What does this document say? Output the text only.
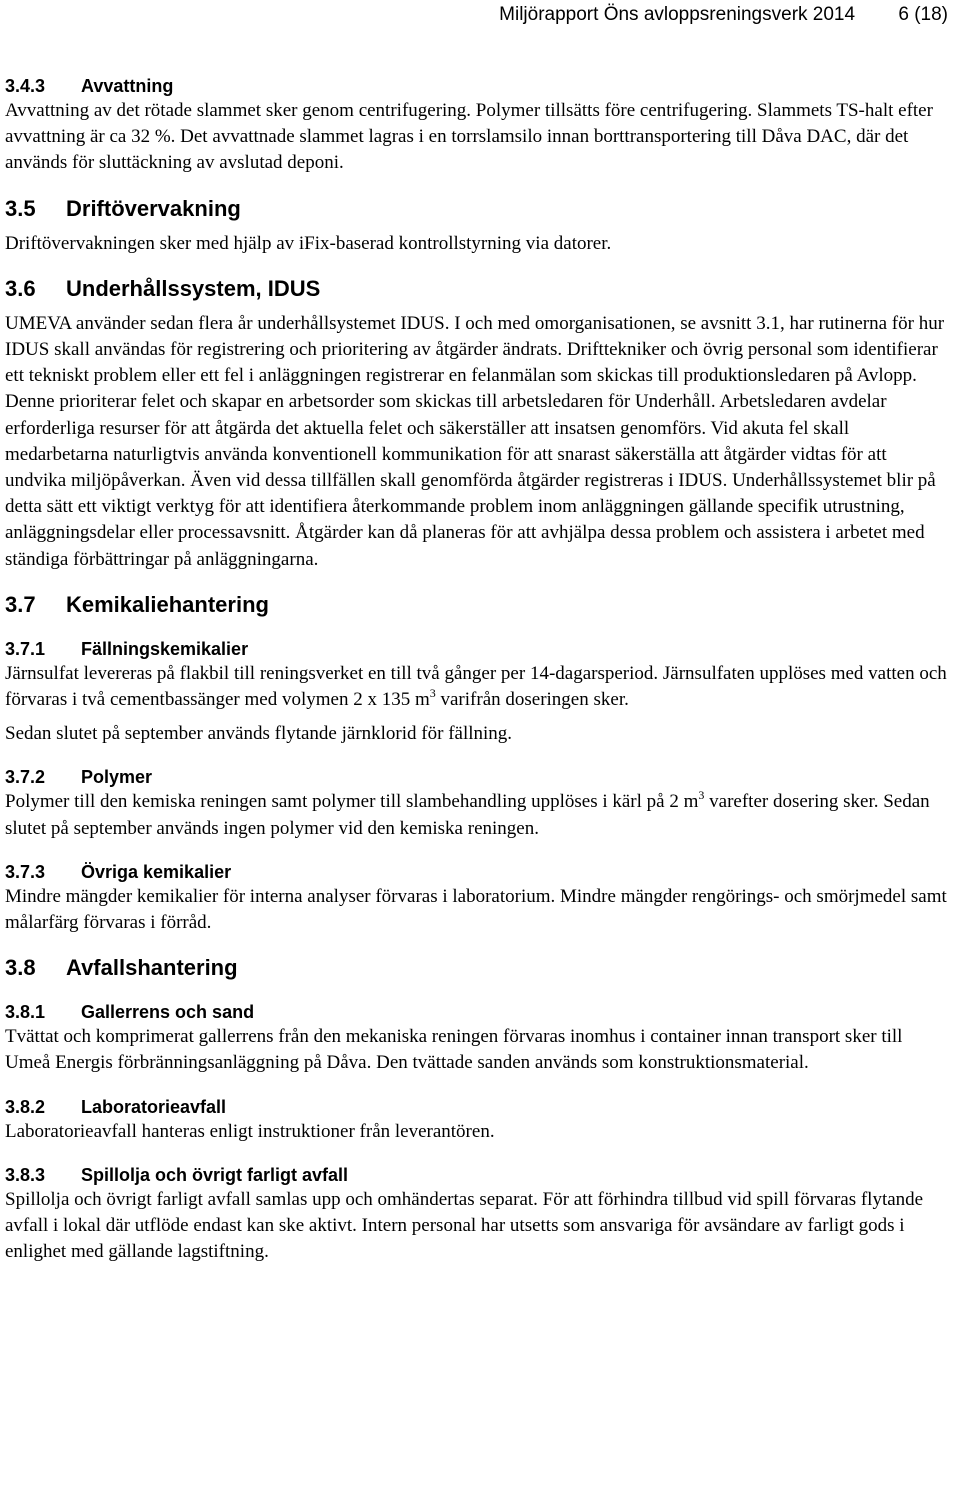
Miljörapport Öns avloppsreningsverk 2014 6 (18)
3.4.3 Avvattning

Avvattning av det rötade slammet sker genom centrifugering. Polymer tillsätts före centrifugering. Slammets TS-halt efter avvattning är ca 32 %. Det avvattnade slammet lagras i en torrslamsilo innan borttransportering till Dåva DAC, där det används för sluttäckning av avslutad deponi.

3.5 Driftövervakning

Driftövervakningen sker med hjälp av iFix-baserad kontrollstyrning via datorer.

3.6 Underhållssystem, IDUS

UMEVA använder sedan flera år underhållsystemet IDUS. I och med omorganisationen, se avsnitt 3.1, har rutinerna för hur IDUS skall användas för registrering och prioritering av åtgärder ändrats. Drifttekniker och övrig personal som identifierar ett tekniskt problem eller ett fel i anläggningen registrerar en felanmälan som skickas till produktionsledaren på Avlopp. Denne prioriterar felet och skapar en arbetsorder som skickas till arbetsledaren för Underhåll. Arbetsledaren avdelar erforderliga resurser för att åtgärda det aktuella felet och säkerställer att insatsen genomförs. Vid akuta fel skall medarbetarna naturligtvis använda konventionell kommunikation för att snarast säkerställa att åtgärder vidtas för att undvika miljöpåverkan. Även vid dessa tillfällen skall genomförda åtgärder registreras i IDUS. Underhållssystemet blir på detta sätt ett viktigt verktyg för att identifiera återkommande problem inom anläggningen gällande specifik utrustning, anläggningsdelar eller processavsnitt. Åtgärder kan då planeras för att avhjälpa dessa problem och assistera i arbetet med ständiga förbättringar på anläggningarna.

3.7 Kemikaliehantering
3.7.1 Fällningskemikalier

Järnsulfat levereras på flakbil till reningsverket en till två gånger per 14-dagarsperiod. Järnsulfaten upplöses med vatten och förvaras i två cementbassänger med volymen 2 x 135 $m^3$ varifrån doseringen sker.

Sedan slutet på september används flytande järnklorid för fällning.

3.7.2 Polymer

Polymer till den kemiska reningen samt polymer till slambehandling upplöses i kärl på 2 $m^3$ varefter dosering sker. Sedan slutet på september används ingen polymer vid den kemiska reningen.

3.7.3 Övriga kemikalier

Mindre mängder kemikalier för interna analyser förvaras i laboratorium. Mindre mängder rengörings- och smörjmedel samt målarfärg förvaras i förråd.

3.8 Avfallshantering
3.8.1 Gallerrens och sand

Tvättat och komprimerat gallerrens från den mekaniska reningen förvaras inomhus i container innan transport sker till Umeå Energis förbränningsanläggning på Dåva. Den tvättade sanden används som konstruktionsmaterial.

3.8.2 Laboratorieavfall

Laboratorieavfall hanteras enligt instruktioner från leverantören.

3.8.3 Spillolja och övrigt farligt avfall

Spillolja och övrigt farligt avfall samlas upp och omhändertas separat. För att förhindra tillbud vid spill förvaras flytande avfall i lokal där utflöde endast kan ske aktivt. Intern personal har utsetts som ansvariga för avsändare av farligt gods i enlighet med gällande lagstiftning.
